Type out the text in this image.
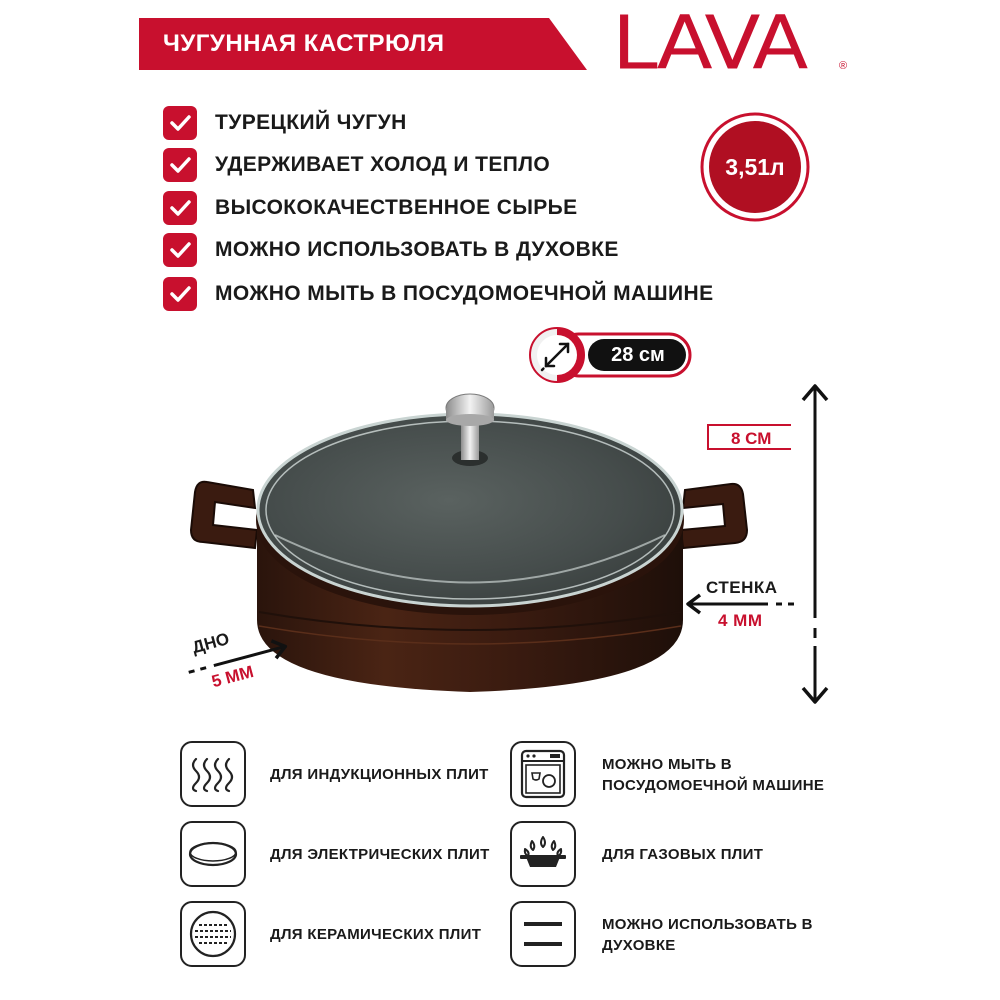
ЧУГУННАЯ КАСТРЮЛЯ LAVA	®
ТУРЕЦКИЙ ЧУГУН
УДЕРЖИВАЕТ ХОЛОД И ТЕПЛО
ВЫСОКОКАЧЕСТВЕННОЕ СЫРЬЕ
МОЖНО ИСПОЛЬЗОВАТЬ В ДУХОВКЕ
МОЖНО МЫТЬ В ПОСУДОМОЕЧНОЙ МАШИНЕ
3,51л
28 см
8 СМ
СТЕНКА
4 ММ
ДНО
5 ММ
ДЛЯ ИНДУКЦИОННЫХ ПЛИТ
ДЛЯ ЭЛЕКТРИЧЕСКИХ ПЛИТ
ДЛЯ КЕРАМИЧЕСКИХ ПЛИТ
МОЖНО МЫТЬ В
ПОСУДОМОЕЧНОЙ МАШИНЕ
ДЛЯ ГАЗОВЫХ ПЛИТ
МОЖНО ИСПОЛЬЗОВАТЬ В
ДУХОВКЕ
